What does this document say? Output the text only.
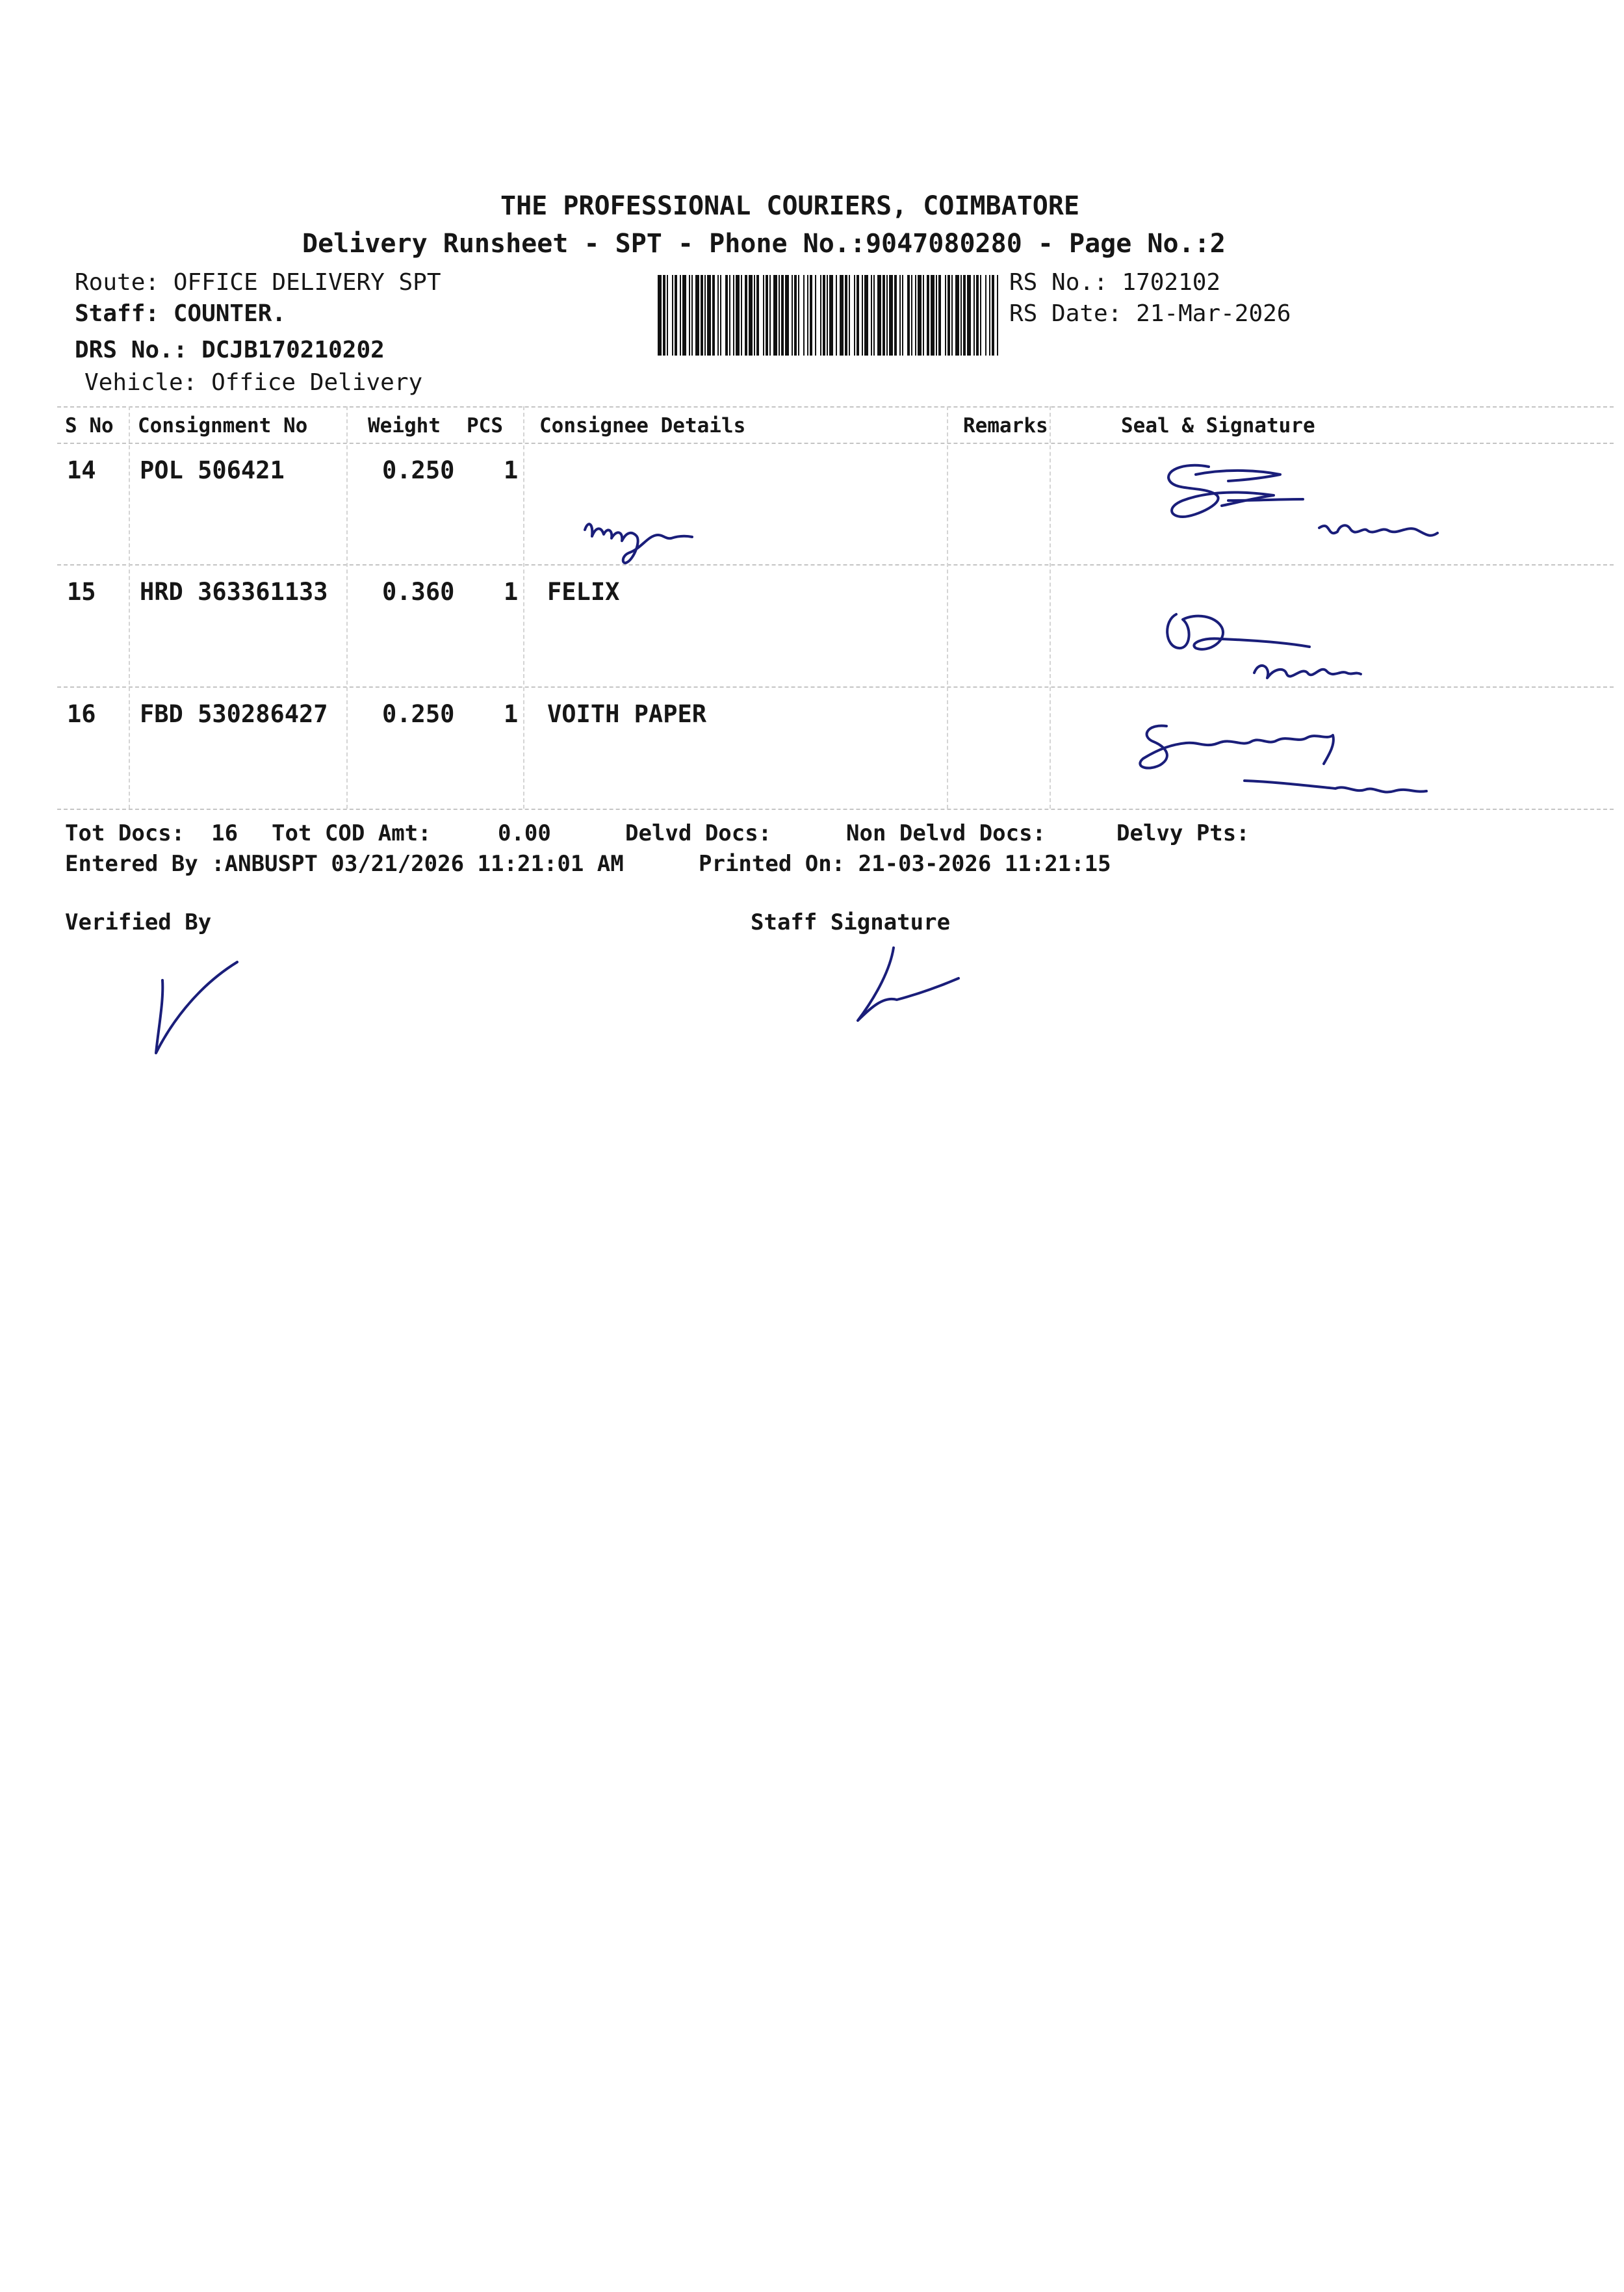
THE PROFESSIONAL COURIERS, COIMBATORE
Delivery Runsheet - SPT - Phone No.:9047080280 - Page No.:2
Route: OFFICE DELIVERY SPT
Staff: COUNTER.
DRS No.: DCJB170210202
Vehicle: Office Delivery
RS No.: 1702102
RS Date: 21-Mar-2026
S No Consignment No	Weight PCS Consignee Details	Remarks	Seal & Signature
14 POL 506421	0.250 1
15 HRD 363361133 0.360 1 FELIX
16 FBD 530286427 0.250 1 VOITH PAPER
Tot Docs:  16 Tot COD Amt:     0.00	Delvd Docs:	Non Delvd Docs:	Delvy Pts:
Entered By :ANBUSPT 03/21/2026 11:21:01 AM	Printed On: 21-03-2026 11:21:15
Verified By	Staff Signature
